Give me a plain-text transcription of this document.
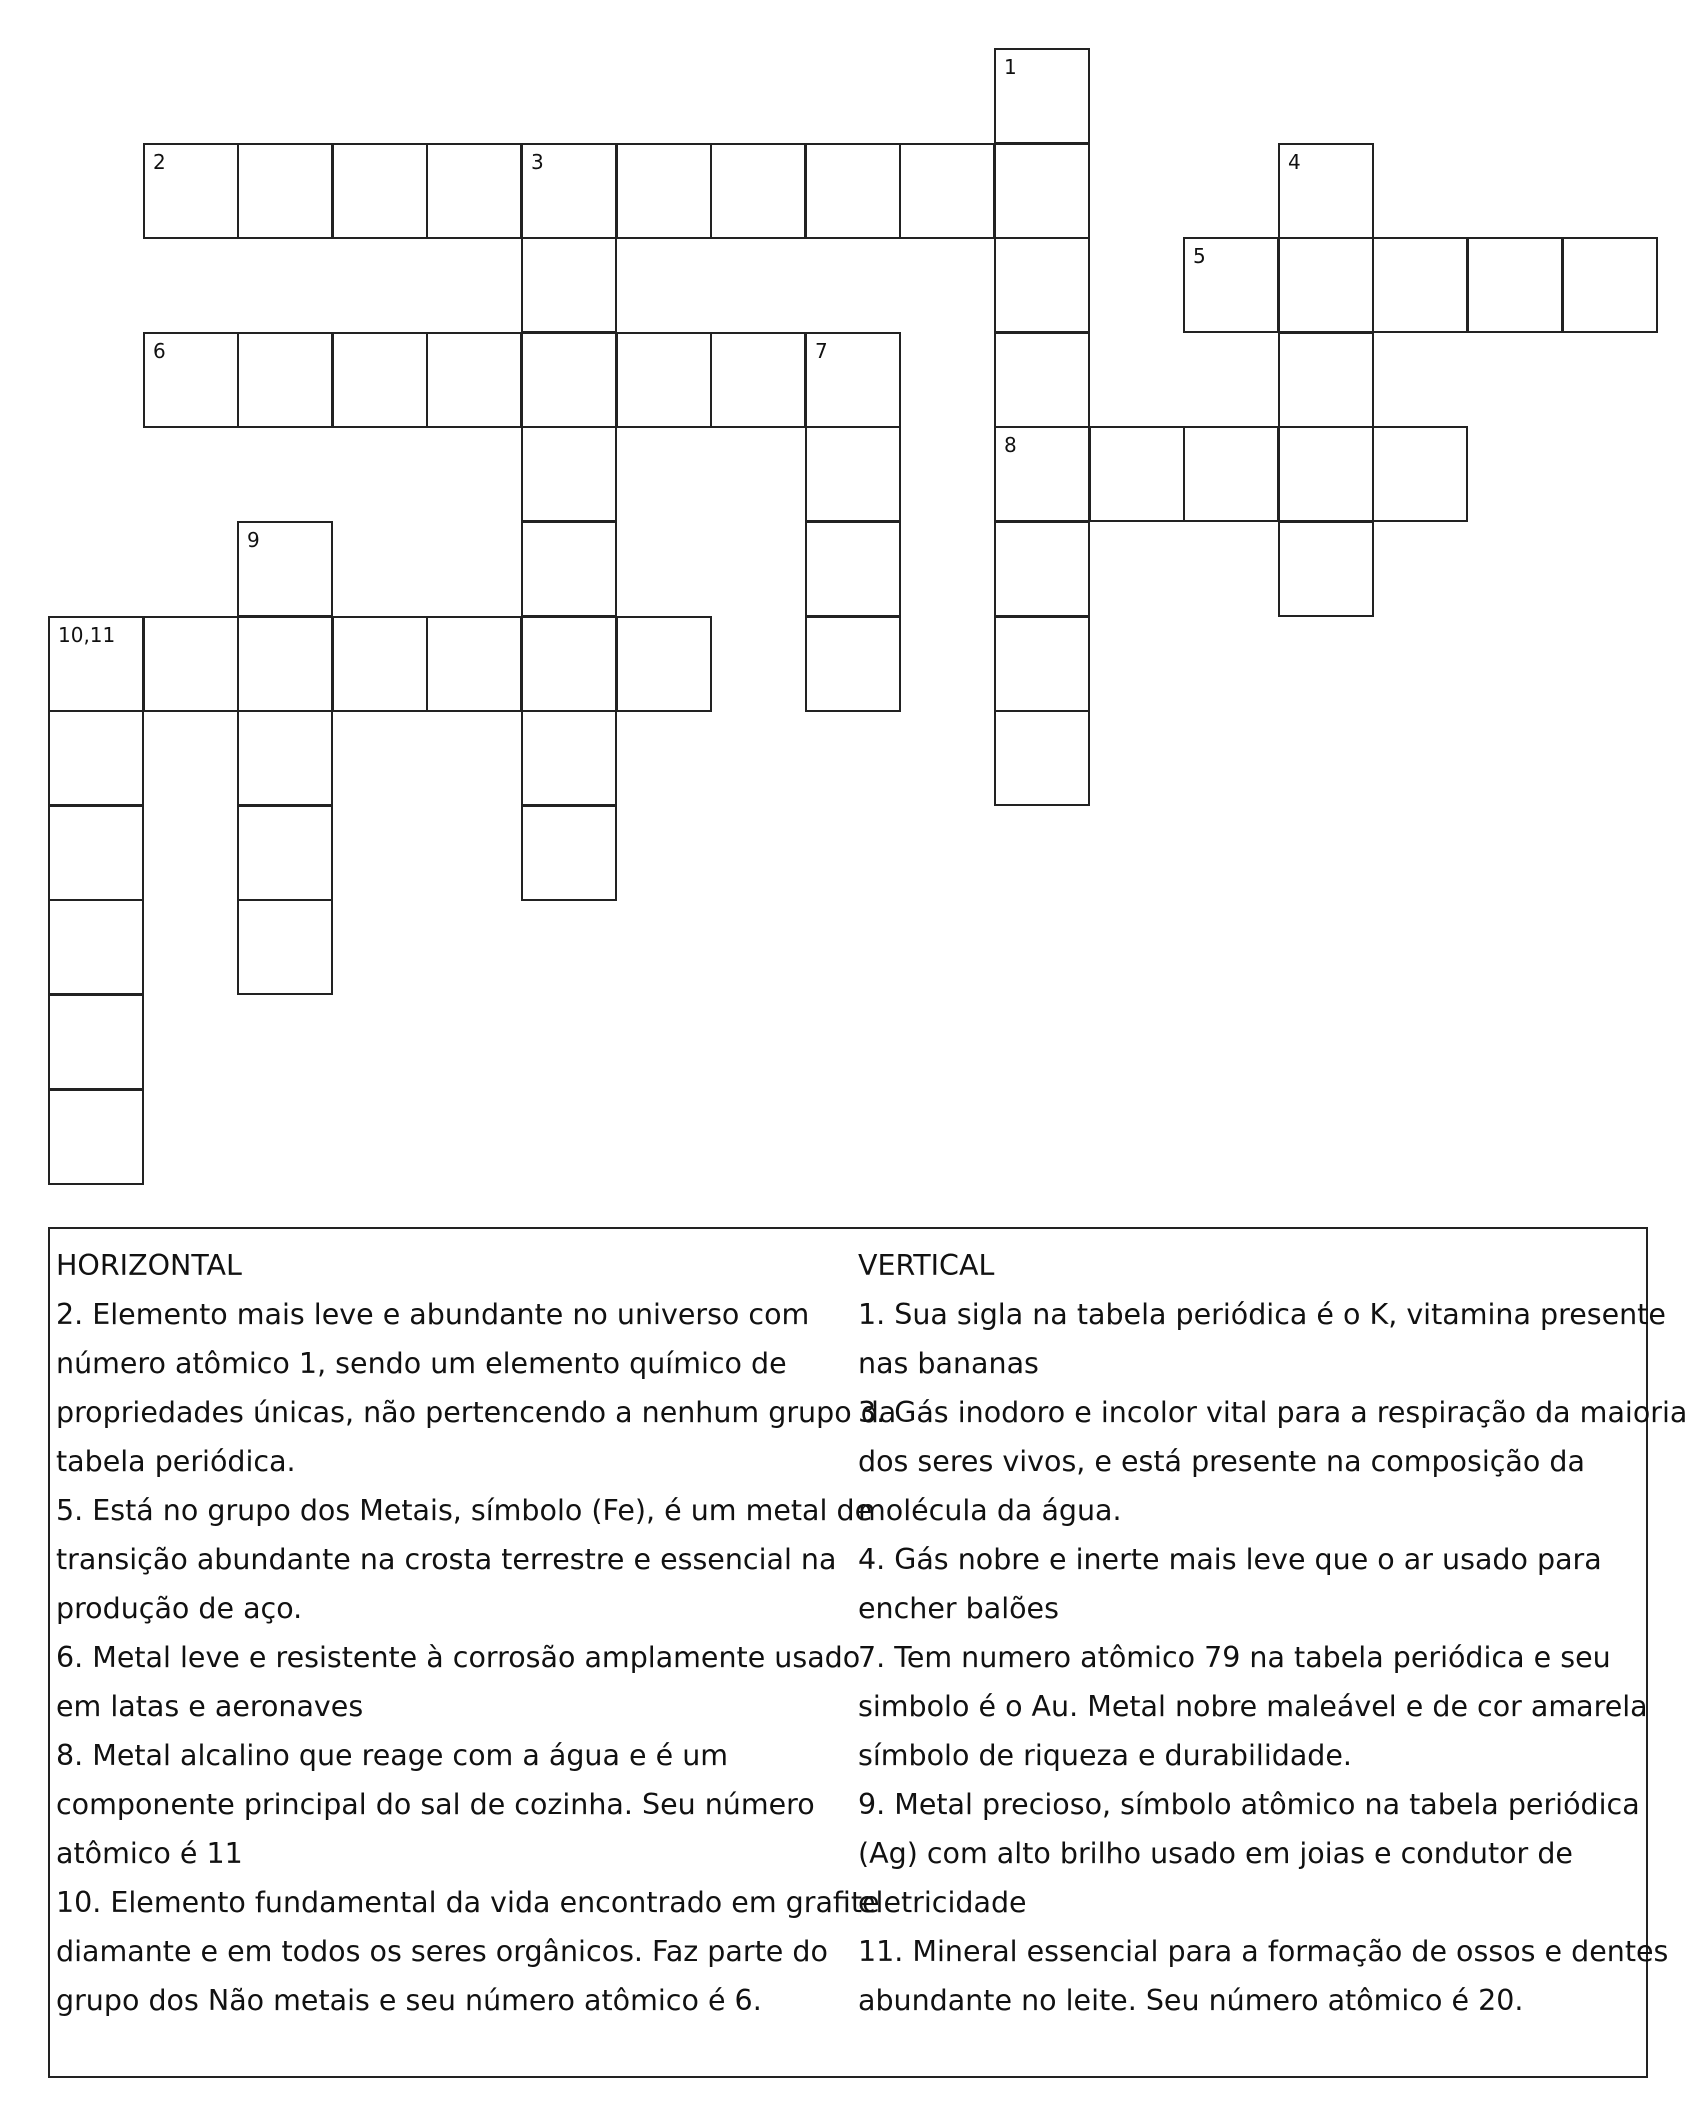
1
2	3	4
5
6	7
8
9
10,11
HORIZONTAL
2. Elemento mais leve e abundante no universo com
número atômico 1, sendo um elemento químico de
propriedades únicas, não pertencendo a nenhum grupo da
tabela periódica.
5. Está no grupo dos Metais, símbolo (Fe), é um metal de
transição abundante na crosta terrestre e essencial na
produção de aço.
6. Metal leve e resistente à corrosão amplamente usado
em latas e aeronaves
8. Metal alcalino que reage com a água e é um
componente principal do sal de cozinha. Seu número
atômico é 11
10. Elemento fundamental da vida encontrado em grafite
diamante e em todos os seres orgânicos. Faz parte do
grupo dos Não metais e seu número atômico é 6.
VERTICAL
1. Sua sigla na tabela periódica é o K, vitamina presente
nas bananas
3. Gás inodoro e incolor vital para a respiração da maioria
dos seres vivos, e está presente na composição da
molécula da água.
4. Gás nobre e inerte mais leve que o ar usado para
encher balões
7. Tem numero atômico 79 na tabela periódica e seu
simbolo é o Au. Metal nobre maleável e de cor amarela
símbolo de riqueza e durabilidade.
9. Metal precioso, símbolo atômico na tabela periódica
(Ag) com alto brilho usado em joias e condutor de
eletricidade
11. Mineral essencial para a formação de ossos e dentes
abundante no leite. Seu número atômico é 20.
